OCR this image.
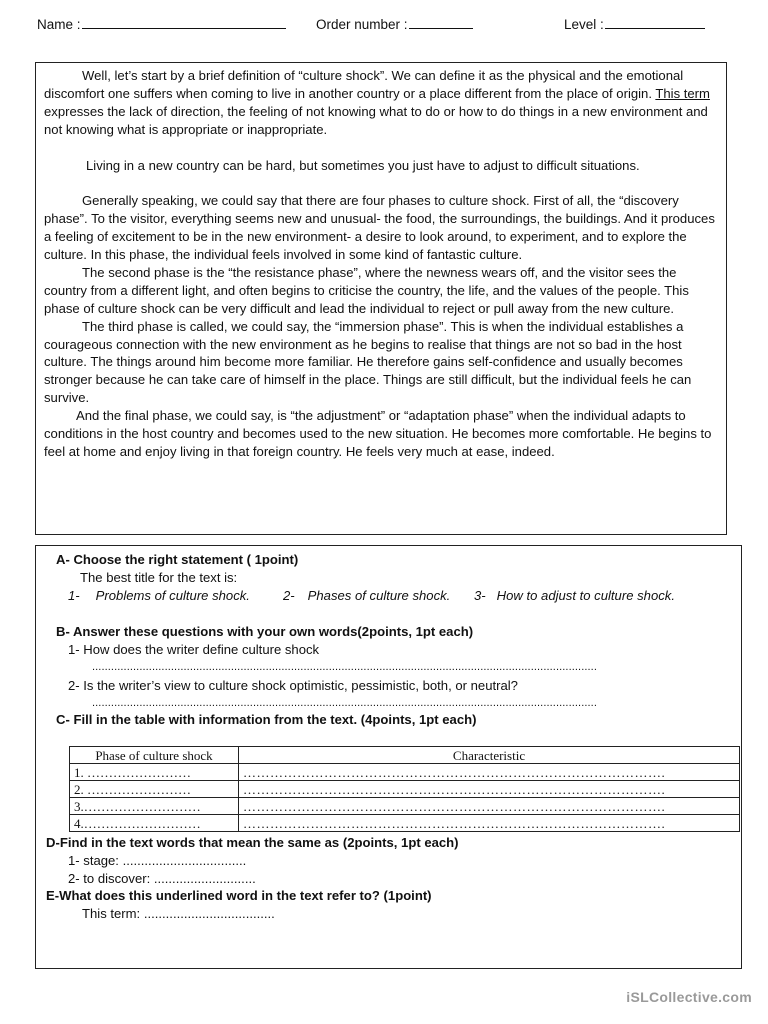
Name :	Order number :	Level :

Well, let’s start by a brief definition of “culture shock”. We can define it as the physical and the emotional discomfort one suffers when coming to live in another country or a place different from the place of origin. This term expresses the lack of direction, the feeling of not knowing what to do or how to do things in a new environment and not knowing what is appropriate or inappropriate.

Living in a new country can be hard, but sometimes you just have to adjust to difficult situations.

Generally speaking, we could say that there are four phases to culture shock. First of all, the “discovery phase”. To the visitor, everything seems new and unusual- the food, the surroundings, the buildings. And it produces a feeling of excitement to be in the new environment- a desire to look around, to experiment, and to explore the culture. In this phase, the individual feels involved in some kind of fantastic culture.

The second phase is the “the resistance phase”, where the newness wears off, and the visitor sees the country from a different light, and often begins to criticise the country, the life, and the values of the people. This phase of culture shock can be very difficult and lead the individual to reject or pull away from the new culture.

The third phase is called, we could say, the “immersion phase”. This is when the individual establishes a courageous connection with the new environment as he begins to realise that things are not so bad in the host culture. The things around him become more familiar. He therefore gains self-confidence and usually becomes stronger because he can take care of himself in the place. Things are still difficult, but the individual feels he can survive.

And the final phase, we could say, is “the adjustment” or “adaptation phase” when the individual adapts to conditions in the host country and becomes used to the new situation. He becomes more comfortable. He begins to feel at home and enjoy living in that foreign country. He feels very much at ease, indeed.

A- Choose the right statement ( 1point)
The best title for the text is:
1- Problems of culture shock.	2- Phases of culture shock. 3- How to adjust to culture shock.
B- Answer these questions with your own words(2points, 1pt each)
1- How does the writer define culture shock
................................................................................................................................................................
2- Is the writer’s view to culture shock optimistic, pessimistic, both, or neutral?
................................................................................................................................................................
C- Fill in the table with information from the text. (4points, 1pt each)
Phase of culture shock	Characteristic
1. ……………………	………………………………………………………………………………….
2. ……………………	………………………………………………………………………………….
3.………………………	………………………………………………………………………………….
4.………………………	………………………………………………………………………………….
D-Find in the text words that mean the same as (2points, 1pt each)
1- stage: ..................................
2- to discover: ............................
E-What does this underlined word in the text refer to? (1point)
This term: ....................................
iSLCollective.com
